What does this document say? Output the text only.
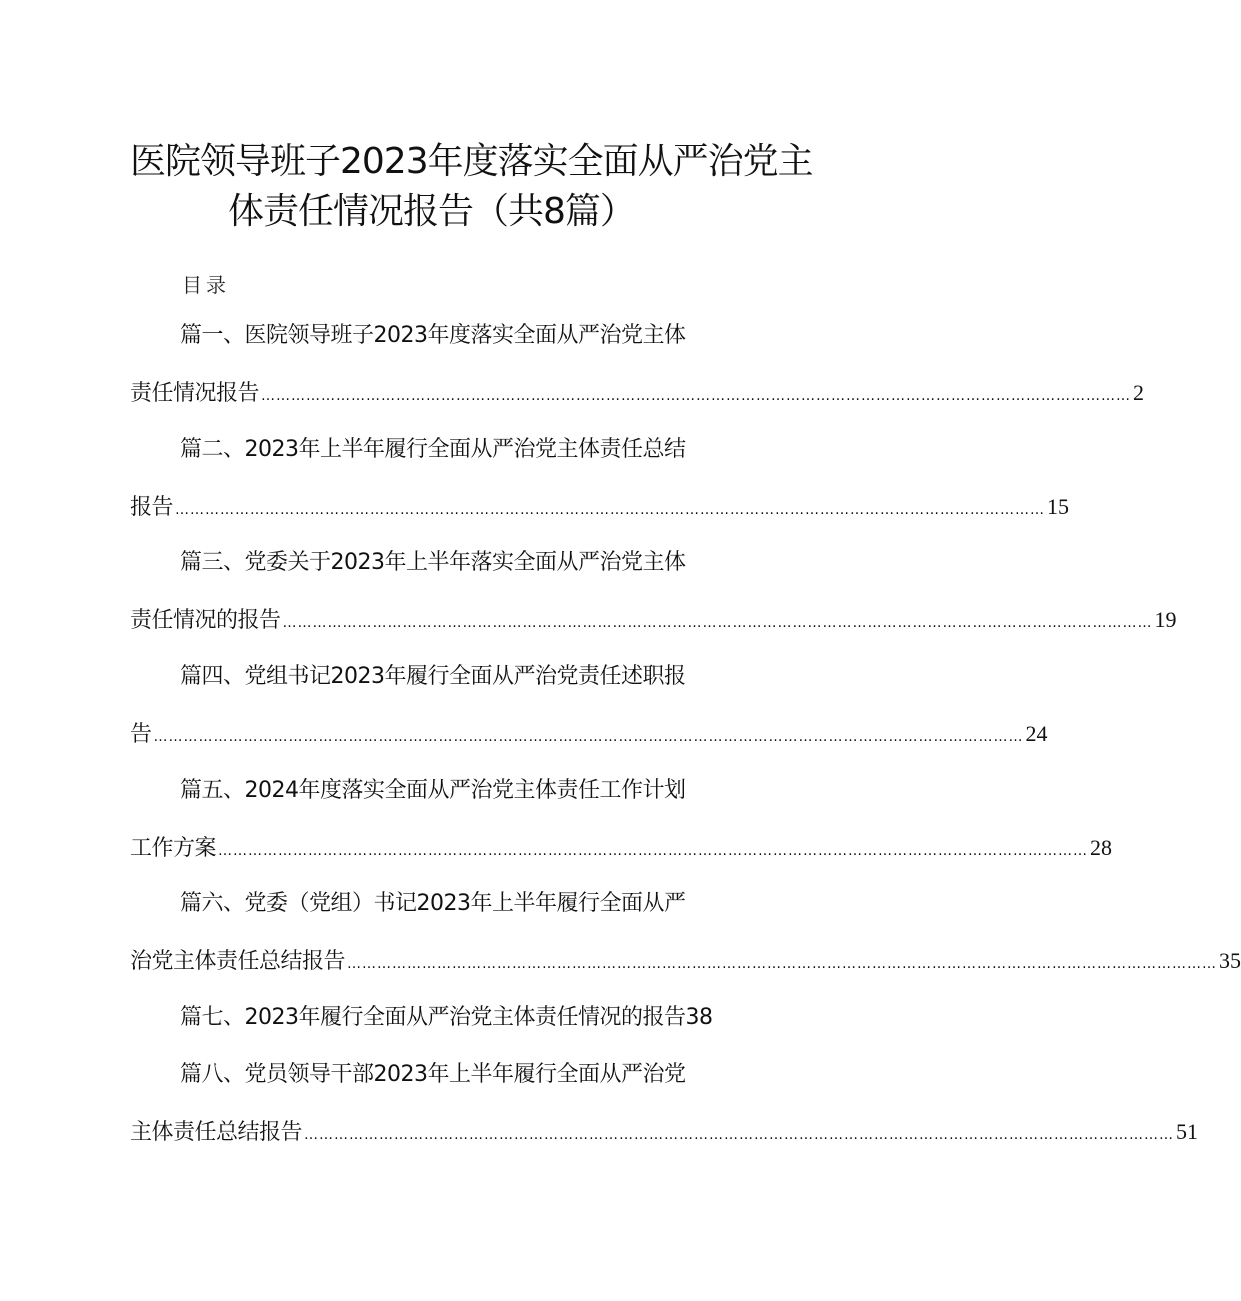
医院领导班子2023年度落实全面从严治党主
体责任情况报告（共8篇）
目录
篇一、医院领导班子2023年度落实全面从严治党主体
责任情况报告 ………………………………………………………………………………………………………………………………………………………… 2
篇二、2023年上半年履行全面从严治党主体责任总结
报告 ………………………………………………………………………………………………………………………………………………………… 15
篇三、党委关于2023年上半年落实全面从严治党主体
责任情况的报告 ………………………………………………………………………………………………………………………………………………………… 19
篇四、党组书记2023年履行全面从严治党责任述职报
告 ………………………………………………………………………………………………………………………………………………………… 24
篇五、2024年度落实全面从严治党主体责任工作计划
工作方案 ………………………………………………………………………………………………………………………………………………………… 28
篇六、党委（党组）书记2023年上半年履行全面从严
治党主体责任总结报告 ………………………………………………………………………………………………………………………………………………………… 35
篇七、2023年履行全面从严治党主体责任情况的报告38
篇八、党员领导干部2023年上半年履行全面从严治党
主体责任总结报告 ………………………………………………………………………………………………………………………………………………………… 51
